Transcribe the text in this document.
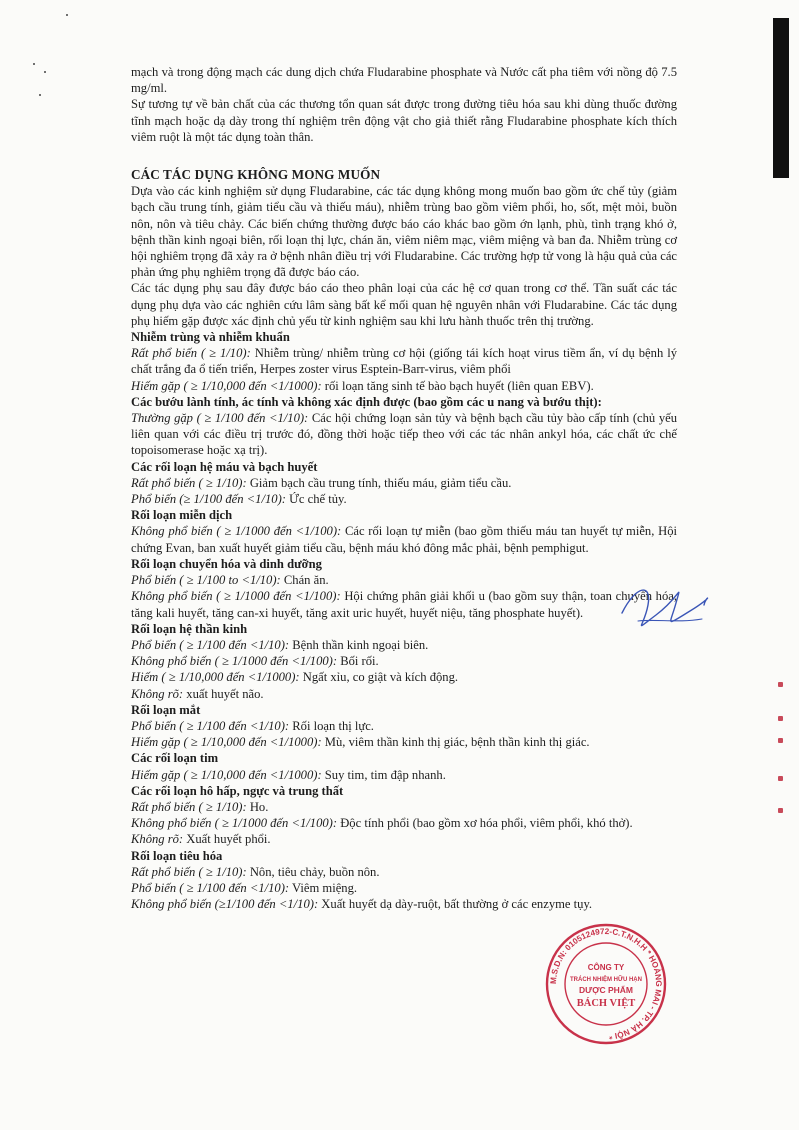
mạch và trong động mạch các dung dịch chứa Fludarabine phosphate và Nước cất pha tiêm với nồng độ 7.5 mg/ml.

Sự tương tự về bản chất của các thương tổn quan sát được trong đường tiêu hóa sau khi dùng thuốc đường tĩnh mạch hoặc dạ dày trong thí nghiệm trên động vật cho giả thiết rằng Fludarabine phosphate kích thích viêm ruột là một tác dụng toàn thân.

CÁC TÁC DỤNG KHÔNG MONG MUỐN

Dựa vào các kinh nghiệm sử dụng Fludarabine, các tác dụng không mong muốn bao gồm ức chế tủy (giảm bạch cầu trung tính, giảm tiểu cầu và thiếu máu), nhiễm trùng bao gồm viêm phổi, ho, sốt, mệt mỏi, buồn nôn, nôn và tiêu chảy. Các biến chứng thường được báo cáo khác bao gồm ớn lạnh, phù, tình trạng khó ở, bệnh thần kinh ngoại biên, rối loạn thị lực, chán ăn, viêm niêm mạc, viêm miệng và ban đa. Nhiễm trùng cơ hội nghiêm trọng đã xảy ra ở bệnh nhân điều trị với Fludarabine. Các trường hợp tử vong là hậu quả của các phản ứng phụ nghiêm trọng đã được báo cáo.

Các tác dụng phụ sau đây được báo cáo theo phân loại của các hệ cơ quan trong cơ thể. Tần suất các tác dụng phụ dựa vào các nghiên cứu lâm sàng bất kể mối quan hệ nguyên nhân với Fludarabine. Các tác dụng phụ hiếm gặp được xác định chủ yếu từ kinh nghiệm sau khi lưu hành thuốc trên thị trường.

Nhiễm trùng và nhiễm khuẩn

Rất phổ biến ( ≥ 1/10): Nhiễm trùng/ nhiễm trùng cơ hội (giống tái kích hoạt virus tiềm ẩn, ví dụ bệnh lý chất trắng đa ổ tiến triển, Herpes zoster virus Esptein-Barr-virus, viêm phổi

Hiếm gặp ( ≥ 1/10,000 đến <1/1000): rối loạn tăng sinh tế bào bạch huyết (liên quan EBV).

Các bướu lành tính, ác tính và không xác định được (bao gồm các u nang và bướu thịt):

Thường gặp ( ≥ 1/100 đến <1/10): Các hội chứng loạn sản tủy và bệnh bạch cầu tủy bào cấp tính (chủ yếu liên quan với các điều trị trước đó, đồng thời hoặc tiếp theo với các tác nhân ankyl hóa, các chất ức chế topoisomerase hoặc xạ trị).

Các rối loạn hệ máu và bạch huyết

Rất phổ biến ( ≥ 1/10): Giảm bạch cầu trung tính, thiếu máu, giảm tiểu cầu.

Phổ biến (≥ 1/100 đến <1/10): Ức chế tủy.

Rối loạn miễn dịch

Không phổ biến ( ≥ 1/1000 đến <1/100): Các rối loạn tự miễn (bao gồm thiếu máu tan huyết tự miễn, Hội chứng Evan, ban xuất huyết giảm tiểu cầu, bệnh máu khó đông mắc phải, bệnh pemphigut.

Rối loạn chuyển hóa và dinh dưỡng

Phổ biến ( ≥ 1/100 to <1/10): Chán ăn.

Không phổ biến ( ≥ 1/1000 đến <1/100): Hội chứng phân giải khối u (bao gồm suy thận, toan chuyển hóa, tăng kali huyết, tăng can-xi huyết, tăng axit uric huyết, huyết niệu, tăng phosphate huyết).

Rối loạn hệ thần kinh

Phổ biến ( ≥ 1/100 đến <1/10): Bệnh thần kinh ngoại biên.

Không phổ biến ( ≥ 1/1000 đến <1/100): Bối rối.

Hiếm ( ≥ 1/10,000 đến <1/1000): Ngất xỉu, co giật và kích động.

Không rõ: xuất huyết não.

Rối loạn mắt

Phổ biến ( ≥ 1/100 đến <1/10): Rối loạn thị lực.

Hiếm gặp ( ≥ 1/10,000 đến <1/1000): Mù, viêm thần kinh thị giác, bệnh thần kinh thị giác.

Các rối loạn tim

Hiếm gặp ( ≥ 1/10,000 đến <1/1000): Suy tim, tim đập nhanh.

Các rối loạn hô hấp, ngực và trung thất

Rất phổ biến ( ≥ 1/10): Ho.

Không phổ biến ( ≥ 1/1000 đến <1/100): Độc tính phổi (bao gồm xơ hóa phổi, viêm phổi, khó thở).

Không rõ: Xuất huyết phổi.

Rối loạn tiêu hóa

Rất phổ biến ( ≥ 1/10): Nôn, tiêu chảy, buồn nôn.

Phổ biến ( ≥ 1/100 đến <1/10): Viêm miệng.

Không phổ biến (≥1/100 đến <1/10): Xuất huyết dạ dày-ruột, bất thường ở các enzyme tụy.

M.S.D.N: 0105124972-C.T.N.H.H * HOÀNG MAI - TP. HÀ NỘI *
CÔNG TY
TRÁCH NHIỆM HỮU HẠN
DƯỢC PHẨM
BÁCH VIỆT
